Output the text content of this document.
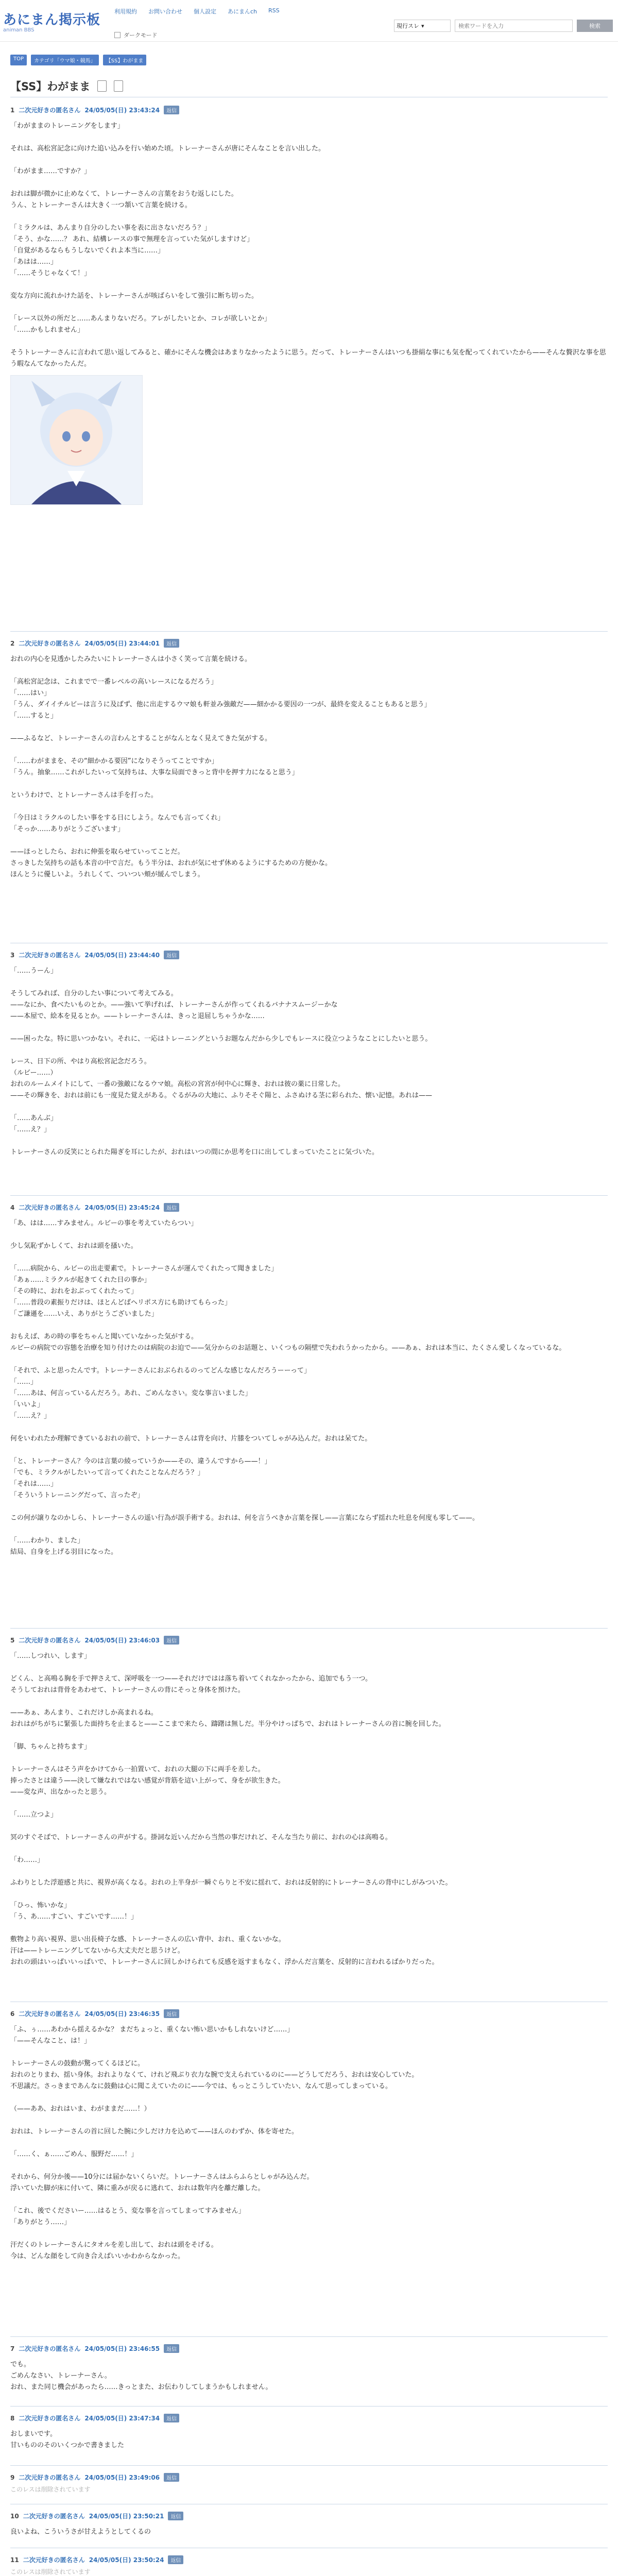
あにまん掲示板
animan BBS
利用規約 お問い合わせ 個人設定 あにまんch RSS
ダークモード
現行スレ ▾
検索ワードを入力	検索
TOP	カテゴリ「ウマ娘・競馬」	【SS】わがまま
【SS】わがまま
1 二次元好きの匿名さん 24/05/05(日) 23:43:24	返信
「わがままのトレーニングをします」

それは、高松宮記念に向けた追い込みを行い始めた頃。トレーナーさんが唐にそんなことを言い出した。

「わがまま……ですか？」

おれは脚が微かに止めなくて、トレーナーさんの言葉をおうむ返しにした。
うん、とトレーナーさんは大きく一つ頷いて言葉を続ける。

「ミラクルは、あんまり自分のしたい事を表に出さないだろう？」
「そう、かな……？ あれ、結構レースの事で無理を言っていた気がしますけど」
「自覚があるならもうしないでくれよ本当に……」
「あはは……」
「……そうじゃなくて！」

変な方向に流れかけた話を、トレーナーさんが咳ばらいをして強引に断ち切った。

「レース以外の所だと……あんまりないだろ。アレがしたいとか、コレが欲しいとか」
「……かもしれません」

そうトレーナーさんに言われて思い返してみると、確かにそんな機会はあまりなかったように思う。だって、トレーナーさんはいつも掛絹な事にも気を配ってくれていたから——そんな贅沢な事を思う暇なんてなかったんだ。
2 二次元好きの匿名さん 24/05/05(日) 23:44:01	返信
おれの内心を見透かしたみたいにトレーナーさんは小さく笑って言葉を続ける。

「高松宮記念は、これまでで一番レベルの高いレースになるだろう」
「……はい」
「うん、ダイイチルビーは言うに及ばず、他に出走するウマ娘も軒並み強敵だ——細かかる要因の一つが、最終を変えることもあると思う」
「……すると」

——ふるなど、トレーナーさんの言わんとすることがなんとなく見えてきた気がする。

「……わがままを、その“細かかる要因”になりそうってことですか」
「うん。抽象……これがしたいって気持ちは、大事な局面できっと背中を押す力になると思う」

というわけで、とトレーナーさんは手を打った。

「今日はミラクルのしたい事をする日にしよう。なんでも言ってくれ」
「そっか……ありがとうございます」

——ほっとしたら、おれに伸張を取らせていってことだ。
さっきした気持ちの話も本音の中で言だ。もう半分は、おれが気にせず休めるようにするための方便かな。
ほんとうに優しいよ。うれしくて、ついつい頬が緩んでしまう。
3 二次元好きの匿名さん 24/05/05(日) 23:44:40	返信
「……うーん」

そうしてみれば、自分のしたい事について考えてみる。
——なにか、食べたいものとか。——強いて挙げれば、トレーナーさんが作ってくれるバナナスムージーかな
——本屋で、絵本を見るとか。——トレーナーさんは、きっと退屈しちゃうかな……

——困ったな。特に思いつかない。それに、一応はトレーニングというお題なんだから少しでもレースに役立つようなことにしたいと思う。

レース、日下の所、やはり高松宮記念だろう。
（ルビー……）
おれのルームメイトにして、一番の強敵になるウマ娘。高松の宮宮が何中心に輝き、おれは彼の薬に日常した。
——その輝きを、おれは前にも一度見た覚えがある。ぐるがみの大地に、ふりそそぐ陽と、ふさぬける茎に彩られた、懐い記憶。あれは——

「……あんぶ」
「……え？」

トレーナーさんの反笑にとられた陽ぎを耳にしたが、おれはいつの間にか思考を口に出してしまっていたことに気づいた。
4 二次元好きの匿名さん 24/05/05(日) 23:45:24	返信
「あ、はは……すみません。ルビーの事を考えていたらつい」

少し気恥ずかしくて、おれは頭を搔いた。

「……病院から、ルビーの出走要素で。トレーナーさんが運んでくれたって聞きました」
「あぁ……ミラクルが起きてくれた日の事か」
「その時に、おれをおぶってくれたって」
「……普段の素振りだけは、ほとんどばヘリポス方にも助けてもらった」
「ご謙遜を……いえ、ありがとうございました」

おもえば、あの時の事をちゃんと聞いていなかった気がする。
ルビーの病院での容態を治療を知り付けたのは病院のお迫で——気分からのお話題と、いくつもの隔壁で失われうかったから。——あぁ、おれは本当に、たくさん愛しくなっているな。

「それで、ふと思ったんです。トレーナーさんにおぶられるのってどんな感じなんだろうーーって」
「……」
「……あは、何言っているんだろう。あれ、ごめんなさい。変な事言いました」
「いいよ」
「……え？」

何をいわれたか理解できているおれの前で、トレーナーさんは背を向け、片膝をついてしゃがみ込んだ。おれは呆てた。

「と、トレーナーさん？今のは言葉の綾っていうか——その、違うんですから——！」
「でも、ミラクルがしたいって言ってくれたことなんだろう？」
「それは……」
「そういうトレーニングだって、言ったぞ」

この何が譲りなのかしら、トレーナーさんの遥い行為が誤手術する。おれは、何を言うべきか言葉を探し——言葉にならず揺れた吐息を何度も零して——。

「……わかり、ました」
結局、自身を上げる羽目になった。
5 二次元好きの匿名さん 24/05/05(日) 23:46:03	返信
「……しつれい、します」

どくん、と高鳴る胸を手で押さえて、深呼吸を一つ——それだけではは落ち着いてくれなかったから、追加でもう一つ。
そうしておれは背骨をあわせて、トレーナーさんの背にそっと身体を預けた。

——あぁ、あんまり、これだけしか高まれるね。
おれはがちがちに緊張した面持ちを止まると——ここまで来たら、躊躇は無しだ。半分やけっぱちで、おれはトレーナーさんの首に腕を回した。

「脚、ちゃんと持ちます」

トレーナーさんはそう声をかけてから一拍置いて、おれの大腿の下に両手を差した。
捧ったさとは違う——決して嫌なれではない感覚が背筋を這い上がって、身をが欲生きた。
——変な声、出なかったと思う。

「……立つよ」

冥のすぐそばで、トレーナーさんの声がする。掛詞な近いんだから当然の事だけれど、そんな当たり前に、おれの心は高鳴る。

「わ……」

ふわりとした浮遊感と共に、視界が高くなる。おれの上半身が一瞬ぐらりと不安に揺れて、おれは反射的にトレーナーさんの背中にしがみついた。

「ひっ、怖いかな」
「う、あ……すごい、すごいです……！」

敷物より高い視界、思い出長椅子な感、トレーナーさんの広い背中、おれ、重くないかな。
汗は——トレーニングしてないから大丈夫だと思うけど。
おれの頭はいっぱいいっぱいで、トレーナーさんに回しかけられても反感を返すまもなく、浮かんだ言葉を、反射的に言われるばかりだった。
6 二次元好きの匿名さん 24/05/05(日) 23:46:35	返信
「ふ、ぅ……あわから揺えるかな？ まだちょっと、重くない怖い思いかもしれないけど……」
「——そんなこと、は！」

トレーナーさんの鼓動が驚ってくるほどに。
おれのとりまわ、揺い身体。おれよりなくて、けれど飛ぶり衣力な腕で支えられているのに——どうしてだろう、おれは安心していた。
不思議だ。さっきまであんなに鼓動は心に聞こえていたのに——今では、もっとこうしていたい、なんて思ってしまっている。

（——ああ、おれはいま、わがままだ……！）

おれは、トレーナーさんの首に回した腕に少しだけ力を込めて——ほんのわずか、体を寄せた。

「……く、ぁ……ごめん、服野だ……！」

それから、何分か後——10分には届かないくらいだ。トレーナーさんはふらふらとしゃがみ込んだ。
浮いていた脚が床に付いて、隣に重みが戻るに逃れて、おれは数年内を離だ離した。

「これ、後でくださいー……はるとう、変な事を言ってしまってすみません」
「ありがとう……」

汗だくのトレーナーさんにタオルを差し出して、おれは頭をそげる。
今は、どんな顔をして向き合えばいいかわからなかった。
7 二次元好きの匿名さん 24/05/05(日) 23:46:55	返信
でも。
ごめんなさい、トレーナーさん。
おれ、また同じ機会があったら……きっとまた、お伝わりしてしまうかもしれません。
8 二次元好きの匿名さん 24/05/05(日) 23:47:34	返信
おしまいです。
甘いもののそのいくつかで書きました
9 二次元好きの匿名さん 24/05/05(日) 23:49:06	返信
このレスは削除されています
10 二次元好きの匿名さん 24/05/05(日) 23:50:21	返信
良いよね、こういうさが甘えようとしてくるの
11 二次元好きの匿名さん 24/05/05(日) 23:50:24	返信
このレスは削除されています
